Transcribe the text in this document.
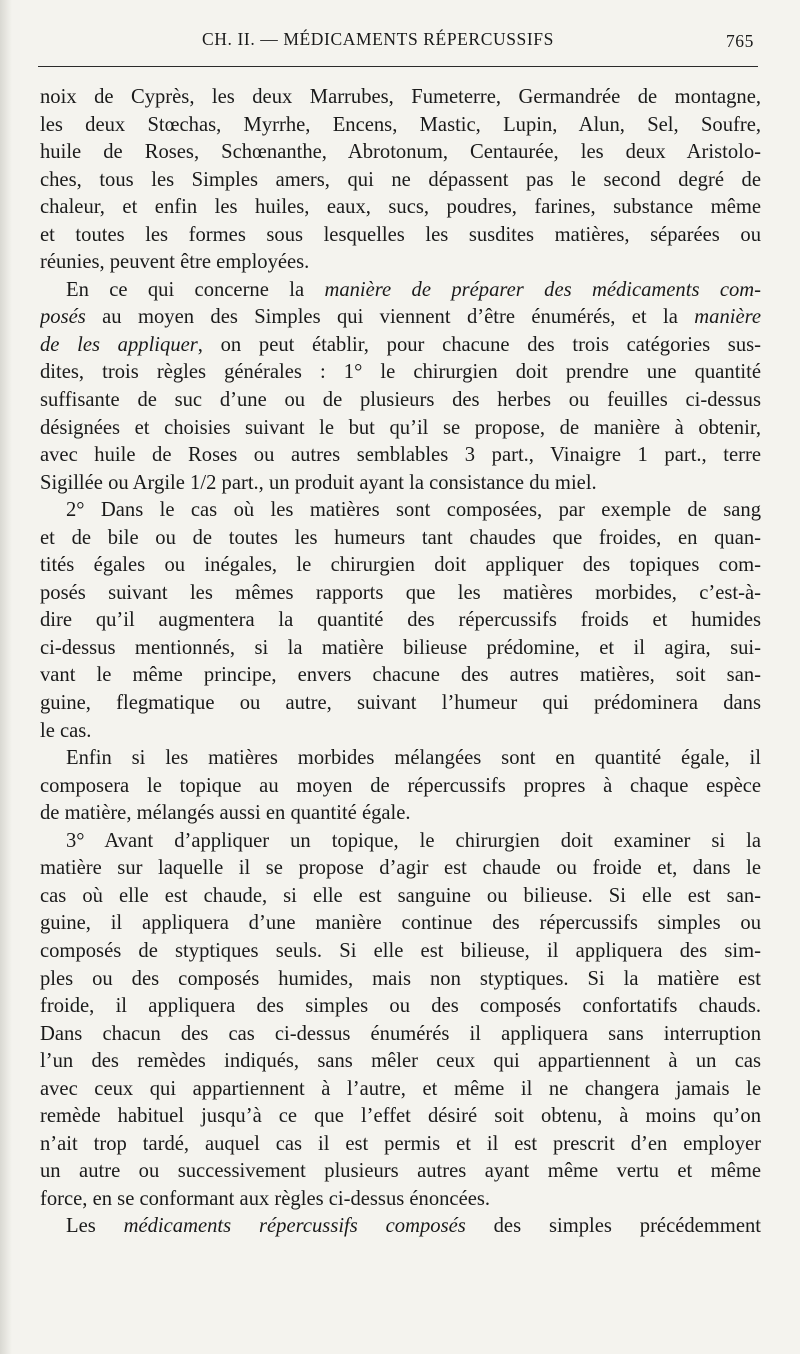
CH. II. — MÉDICAMENTS RÉPERCUSSIFS	765
noix de Cyprès, les deux Marrubes, Fumeterre, Germandrée de montagne,
les deux Stœchas, Myrrhe, Encens, Mastic, Lupin, Alun, Sel, Soufre,
huile de Roses, Schœnanthe, Abrotonum, Centaurée, les deux Aristolo-
ches, tous les Simples amers, qui ne dépassent pas le second degré de
chaleur, et enfin les huiles, eaux, sucs, poudres, farines, substance même
et toutes les formes sous lesquelles les susdites matières, séparées ou
réunies, peuvent être employées.
En ce qui concerne la manière de préparer des médicaments com-
posés au moyen des Simples qui viennent d’être énumérés, et la manière
de les appliquer, on peut établir, pour chacune des trois catégories sus-
dites, trois règles générales : 1° le chirurgien doit prendre une quantité
suffisante de suc d’une ou de plusieurs des herbes ou feuilles ci-dessus
désignées et choisies suivant le but qu’il se propose, de manière à obtenir,
avec huile de Roses ou autres semblables 3 part., Vinaigre 1 part., terre
Sigillée ou Argile 1/2 part., un produit ayant la consistance du miel.
2° Dans le cas où les matières sont composées, par exemple de sang
et de bile ou de toutes les humeurs tant chaudes que froides, en quan-
tités égales ou inégales, le chirurgien doit appliquer des topiques com-
posés suivant les mêmes rapports que les matières morbides, c’est-à-
dire qu’il augmentera la quantité des répercussifs froids et humides
ci-dessus mentionnés, si la matière bilieuse prédomine, et il agira, sui-
vant le même principe, envers chacune des autres matières, soit san-
guine, flegmatique ou autre, suivant l’humeur qui prédominera dans
le cas.
Enfin si les matières morbides mélangées sont en quantité égale, il
composera le topique au moyen de répercussifs propres à chaque espèce
de matière, mélangés aussi en quantité égale.
3° Avant d’appliquer un topique, le chirurgien doit examiner si la
matière sur laquelle il se propose d’agir est chaude ou froide et, dans le
cas où elle est chaude, si elle est sanguine ou bilieuse. Si elle est san-
guine, il appliquera d’une manière continue des répercussifs simples ou
composés de styptiques seuls. Si elle est bilieuse, il appliquera des sim-
ples ou des composés humides, mais non styptiques. Si la matière est
froide, il appliquera des simples ou des composés confortatifs chauds.
Dans chacun des cas ci-dessus énumérés il appliquera sans interruption
l’un des remèdes indiqués, sans mêler ceux qui appartiennent à un cas
avec ceux qui appartiennent à l’autre, et même il ne changera jamais le
remède habituel jusqu’à ce que l’effet désiré soit obtenu, à moins qu’on
n’ait trop tardé, auquel cas il est permis et il est prescrit d’en employer
un autre ou successivement plusieurs autres ayant même vertu et même
force, en se conformant aux règles ci-dessus énoncées.
Les médicaments répercussifs composés des simples précédemment
